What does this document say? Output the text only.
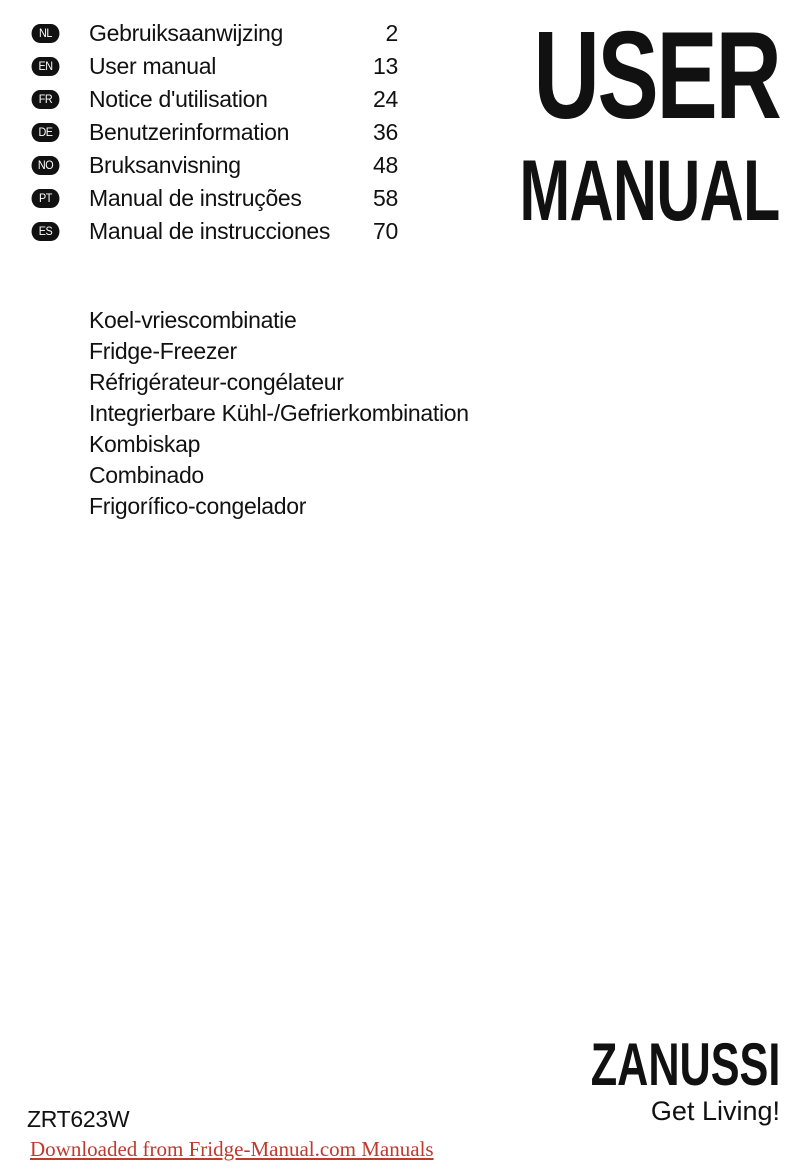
NL	Gebruiksaanwijzing	2
EN	User manual	13
FR	Notice d'utilisation	24
DE	Benutzerinformation	36
NO Bruksanvisning	48
PT	Manual de instruções	58
ES	Manual de instrucciones	70
USER
MANUAL
Koel-vriescombinatie
Fridge-Freezer
Réfrigérateur-congélateur
Integrierbare Kühl-/Gefrierkombination
Kombiskap
Combinado
Frigorífico-congelador
ZANUSSI
Get Living!
ZRT623W
Downloaded from Fridge-Manual.com Manuals
